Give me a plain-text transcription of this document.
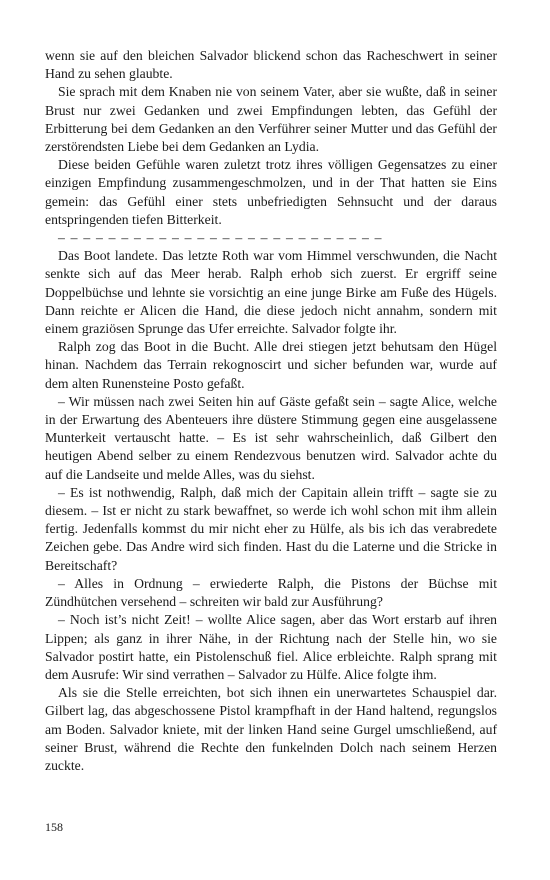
wenn sie auf den bleichen Salvador blickend schon das Racheschwert in seiner Hand zu sehen glaubte.

Sie sprach mit dem Knaben nie von seinem Vater, aber sie wußte, daß in seiner Brust nur zwei Gedanken und zwei Empfindungen lebten, das Gefühl der Erbitterung bei dem Gedanken an den Verführer seiner Mutter und das Gefühl der zerstörendsten Liebe bei dem Gedanken an Lydia.

Diese beiden Gefühle waren zuletzt trotz ihres völligen Gegensatzes zu einer einzigen Empfindung zusammengeschmolzen, und in der That hatten sie Eins gemein: das Gefühl einer stets unbefriedigten Sehnsucht und der daraus entspringenden tiefen Bitterkeit.

– – – – – – – – – – – – – – – – – – – – – – – – – –

Das Boot landete. Das letzte Roth war vom Himmel verschwunden, die Nacht senkte sich auf das Meer herab. Ralph erhob sich zuerst. Er ergriff seine Doppelbüchse und lehnte sie vorsichtig an eine junge Birke am Fuße des Hügels. Dann reichte er Alicen die Hand, die diese jedoch nicht annahm, sondern mit einem graziösen Sprunge das Ufer erreichte. Salvador folgte ihr.

Ralph zog das Boot in die Bucht. Alle drei stiegen jetzt behutsam den Hügel hinan. Nachdem das Terrain rekognoscirt und sicher befunden war, wurde auf dem alten Runensteine Posto gefaßt.

– Wir müssen nach zwei Seiten hin auf Gäste gefaßt sein – sagte Alice, welche in der Erwartung des Abenteuers ihre düstere Stimmung gegen eine ausgelassene Munterkeit vertauscht hatte. – Es ist sehr wahrscheinlich, daß Gilbert den heutigen Abend selber zu einem Rendezvous benutzen wird. Salvador achte du auf die Landseite und melde Alles, was du siehst.

– Es ist nothwendig, Ralph, daß mich der Capitain allein trifft – sagte sie zu diesem. – Ist er nicht zu stark bewaffnet, so werde ich wohl schon mit ihm allein fertig. Jedenfalls kommst du mir nicht eher zu Hülfe, als bis ich das verabredete Zeichen gebe. Das Andre wird sich finden. Hast du die Laterne und die Stricke in Bereitschaft?

– Alles in Ordnung – erwiederte Ralph, die Pistons der Büchse mit Zündhütchen versehend – schreiten wir bald zur Ausführung?

– Noch ist’s nicht Zeit! – wollte Alice sagen, aber das Wort erstarb auf ihren Lippen; als ganz in ihrer Nähe, in der Richtung nach der Stelle hin, wo sie Salvador postirt hatte, ein Pistolenschuß fiel. Alice erbleichte. Ralph sprang mit dem Ausrufe: Wir sind verrathen – Salvador zu Hülfe. Alice folgte ihm.

Als sie die Stelle erreichten, bot sich ihnen ein unerwartetes Schauspiel dar. Gilbert lag, das abgeschossene Pistol krampfhaft in der Hand haltend, regungslos am Boden. Salvador kniete, mit der linken Hand seine Gurgel umschließend, auf seiner Brust, während die Rechte den funkelnden Dolch nach seinem Herzen zuckte.

158
